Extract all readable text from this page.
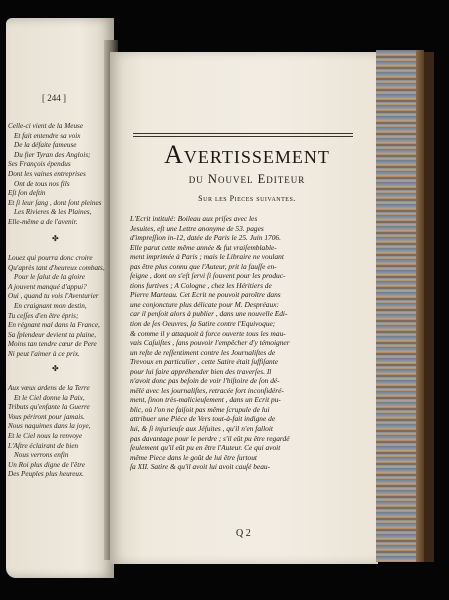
[ 244 ]
Celle-ci vient de la Meuse
Et fait entendre sa voix
De la défaite fameuse
Du fier Tyran des Anglois;
Ses François épendus
Dont les vaines entreprises
Ont de tous nos fils
Eſt ſon deſtin
Et ſi leur ſang , dont ſont pleines
Les Rivieres & les Plaines,
Elle-même a de l'avenir.
✤
Louez qui pourra donc croire
Qu'après tant d'heureux combats,
Pour le ſalut de la gloire
A jouvent manqué d'appui?
Oui , quand tu vois l'Aventurier
En craignant mon destin,
Tu ceſſes d'en être épris;
En régnant mal dans la France,
Sa ſplendeur devient ta plaine,
Moins tan tendre cœur de Pere
Ni peut l'aimer à ce prix.
✤
Aux vœux ardens de la Terre
Et le Ciel donne la Paix,
Tributs qu'enfante la Guerre
Vous périront pour jamais.
Nous naquimes dans la joye,
Et le Ciel nous la renvoye
L'Aſtre éclairant de bien
Nous verrons enfin
Un Roi plus digne de l'être
Des Peuples plus heureux.
Avertissement
du Nouvel Editeur
Sur les Pieces suivantes.
L'Ecrit intitulé: Boileau aux priſes avec les
Jesuites, eſt une Lettre anonyme de 53. pages
d'impreſſion in-12, datée de Paris le 25. Juin 1706.
Elle parut cette même année & fut vraiſemblable-
ment imprimée à Paris ; mais le Libraire ne voulant
pas être plus connu que l'Auteur, prit la fauſſe en-
ſeigne , dont on s'eſt ſervi ſi ſouvent pour les produc-
tions furtives ; A Cologne , chez les Héritiers de
Pierre Marteau. Cet Ecrit ne pouvoit paroître dans
une conjoncture plus délicate pour M. Despréaux:
car il penſoit alors à publier , dans une nouvelle Edi-
tion de ſes Oeuvres, ſa Satire contre l'Equivoque;
& comme il y attaquoit à force ouverte tous les mau-
vais Caſuiſtes , ſans pouvoir l'empêcher d'y témoigner
un reſte de reſſentiment contre les Journaliſtes de
Trevoux en particulier , cette Satire était ſuffiſante
pour lui faire appréhender bien des traverſes. Il
n'avoit donc pas beſoin de voir l'hiſtoire de ſon dé-
mêlé avec les journaliſtes, retracée fort inconſidéré-
ment, ſinon très-malicieuſement , dans un Ecrit pu-
blic, où l'on ne faiſoit pas même ſcrupule de lui
attribuer une Pièce de Vers tout-à-fait indigne de
lui, & ſi injurieuſe aux Jéſuites , qu'il n'en falloit
pas davantage pour le perdre ; s'il eût pu être regardé
ſeulement qu'il eût pu en être l'Auteur. Ce qui avoit
même Piece dans le goût de lui être ſurtout
ſa XII. Satire & qu'il avoit lui avoit cauſé beau-
Q 2
